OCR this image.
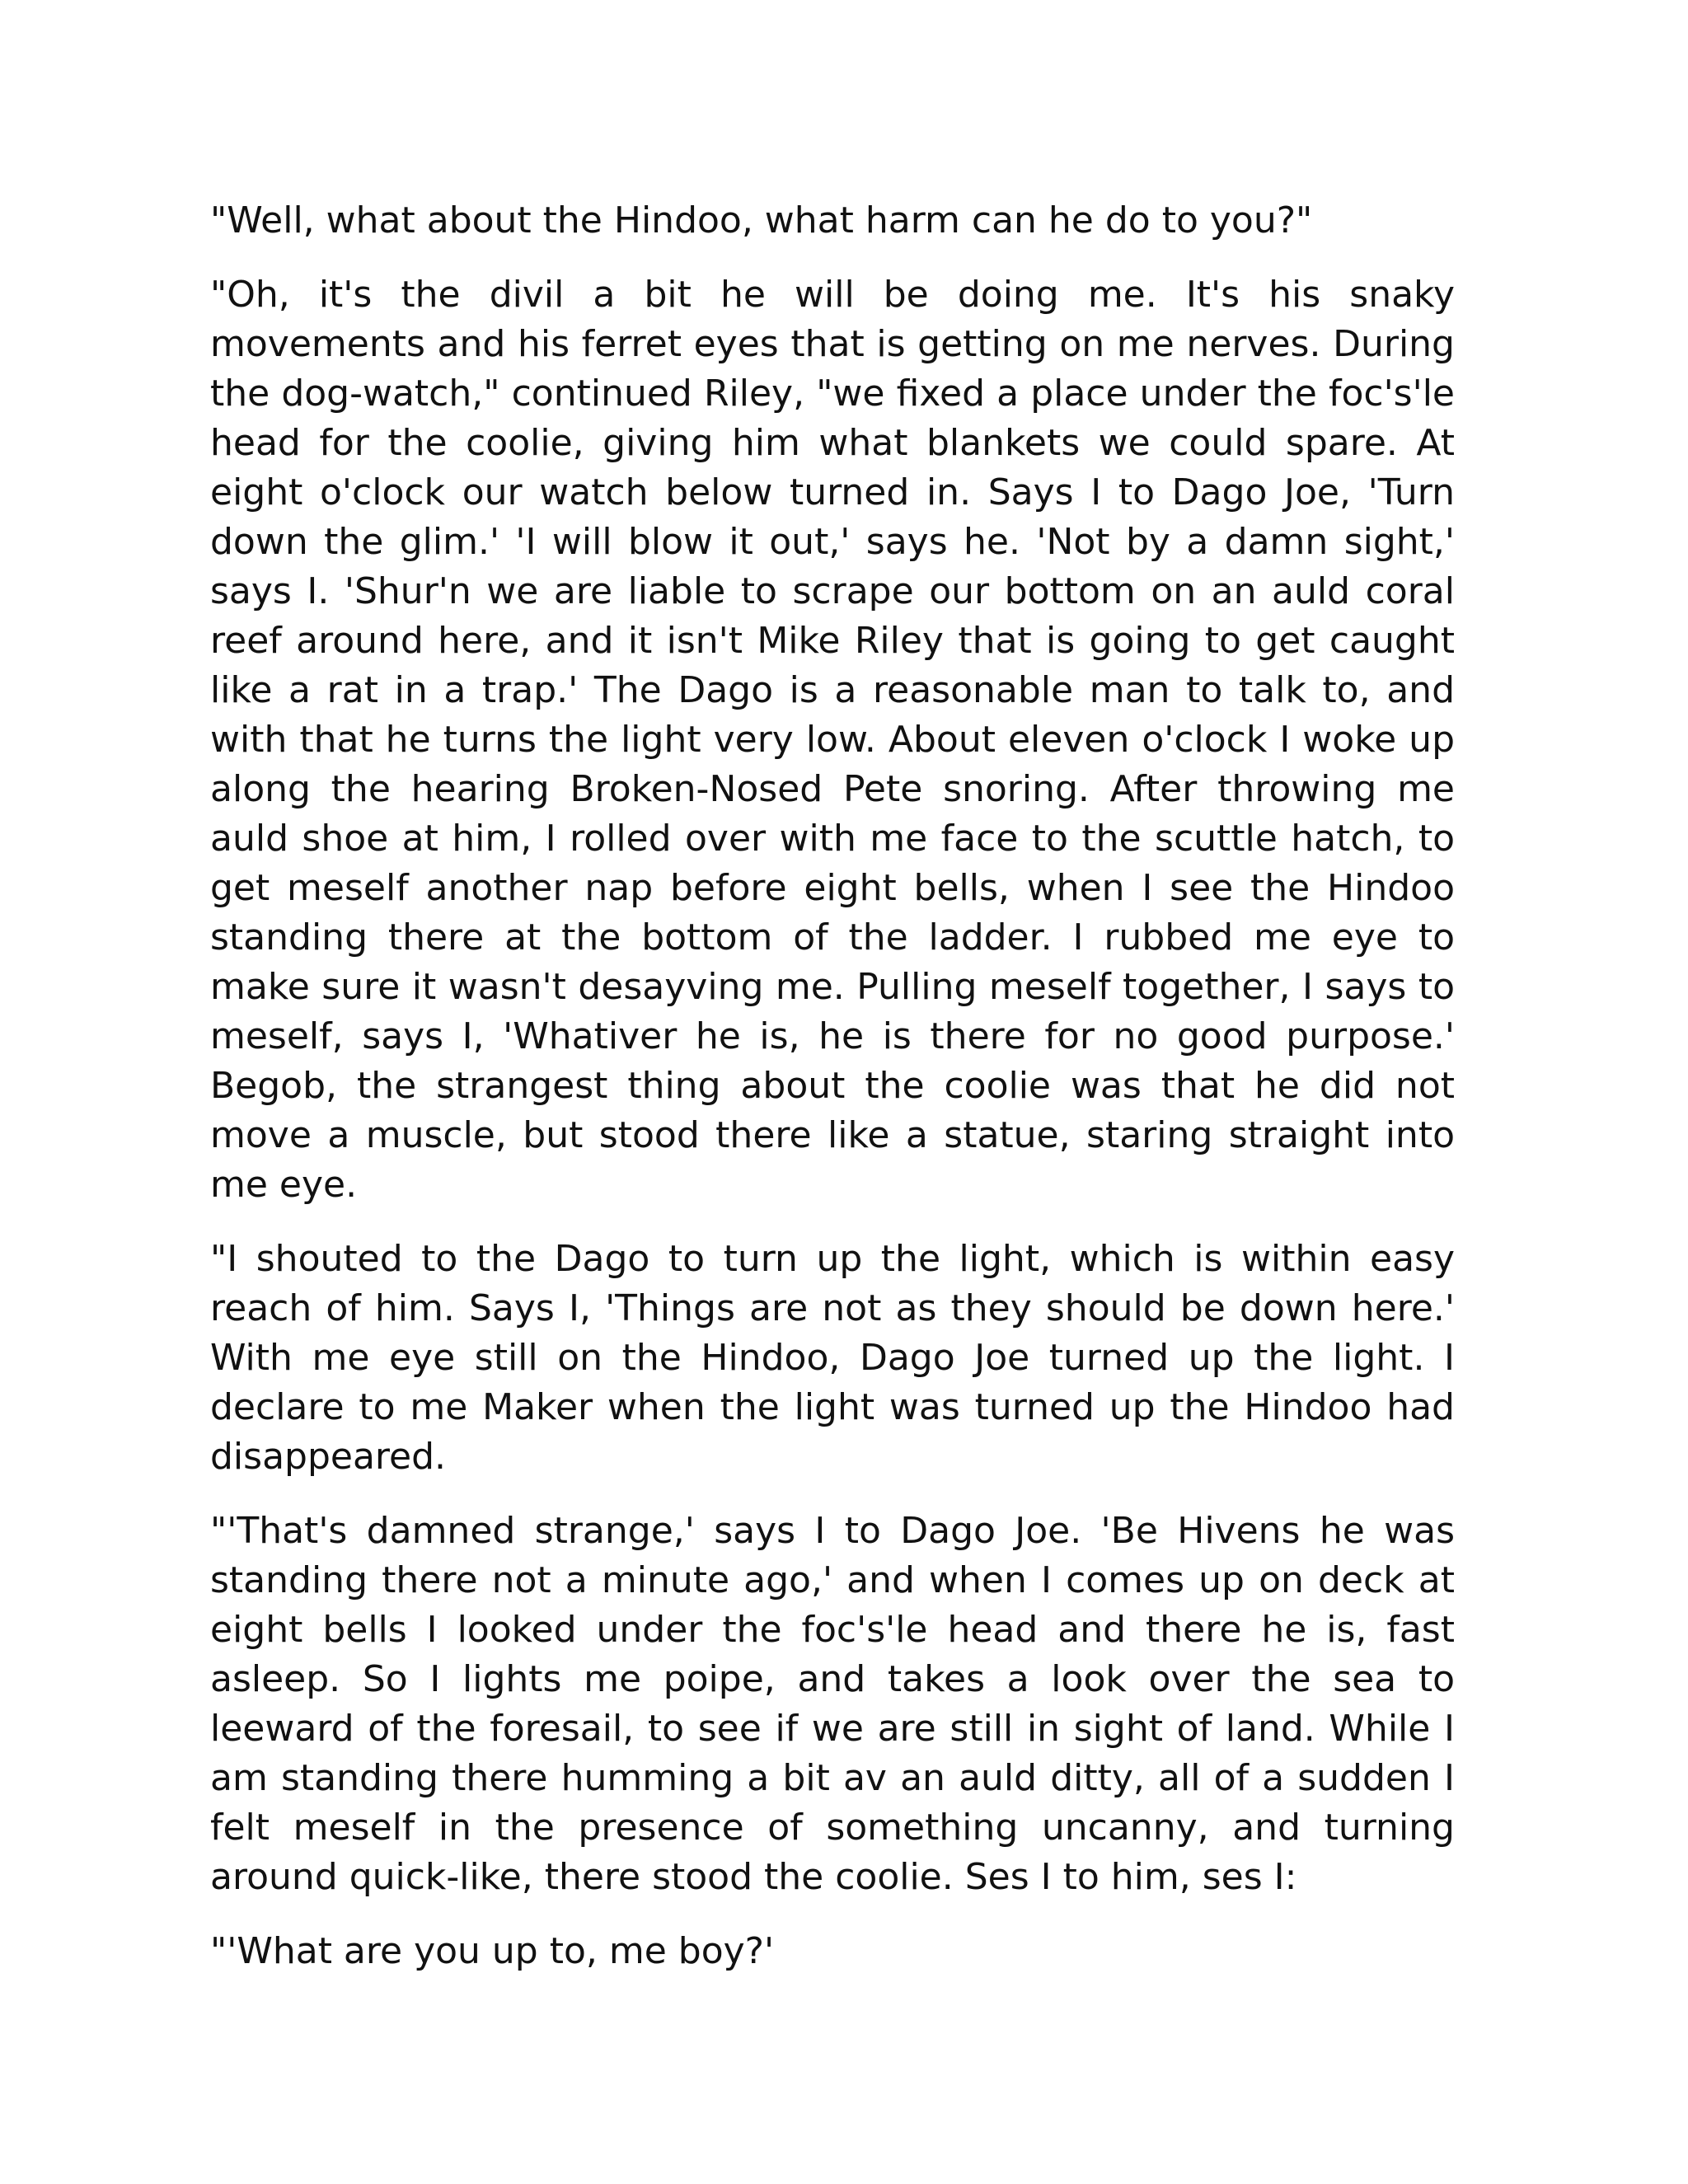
"Well, what about the Hindoo, what harm can he do to you?"

"Oh, it's the divil a bit he will be doing me. It's his snaky movements and his ferret eyes that is getting on me nerves. During the dog-watch," continued Riley, "we fixed a place under the foc's'le head for the coolie, giving him what blankets we could spare. At eight o'clock our watch below turned in. Says I to Dago Joe, 'Turn down the glim.' 'I will blow it out,' says he. 'Not by a damn sight,' says I. 'Shur'n we are liable to scrape our bottom on an auld coral reef around here, and it isn't Mike Riley that is going to get caught like a rat in a trap.' The Dago is a reasonable man to talk to, and with that he turns the light very low. About eleven o'clock I woke up along the hearing Broken-Nosed Pete snoring. After throwing me auld shoe at him, I rolled over with me face to the scuttle hatch, to get meself another nap before eight bells, when I see the Hindoo standing there at the bottom of the ladder. I rubbed me eye to make sure it wasn't desayving me. Pulling meself together, I says to meself, says I, 'Whativer he is, he is there for no good purpose.' Begob, the strangest thing about the coolie was that he did not move a muscle, but stood there like a statue, staring straight into me eye.

"I shouted to the Dago to turn up the light, which is within easy reach of him. Says I, 'Things are not as they should be down here.' With me eye still on the Hindoo, Dago Joe turned up the light. I declare to me Maker when the light was turned up the Hindoo had disappeared.

"'That's damned strange,' says I to Dago Joe. 'Be Hivens he was standing there not a minute ago,' and when I comes up on deck at eight bells I looked under the foc's'le head and there he is, fast asleep. So I lights me poipe, and takes a look over the sea to leeward of the foresail, to see if we are still in sight of land. While I am standing there humming a bit av an auld ditty, all of a sudden I felt meself in the presence of something uncanny, and turning around quick-like, there stood the coolie. Ses I to him, ses I:

"'What are you up to, me boy?'
